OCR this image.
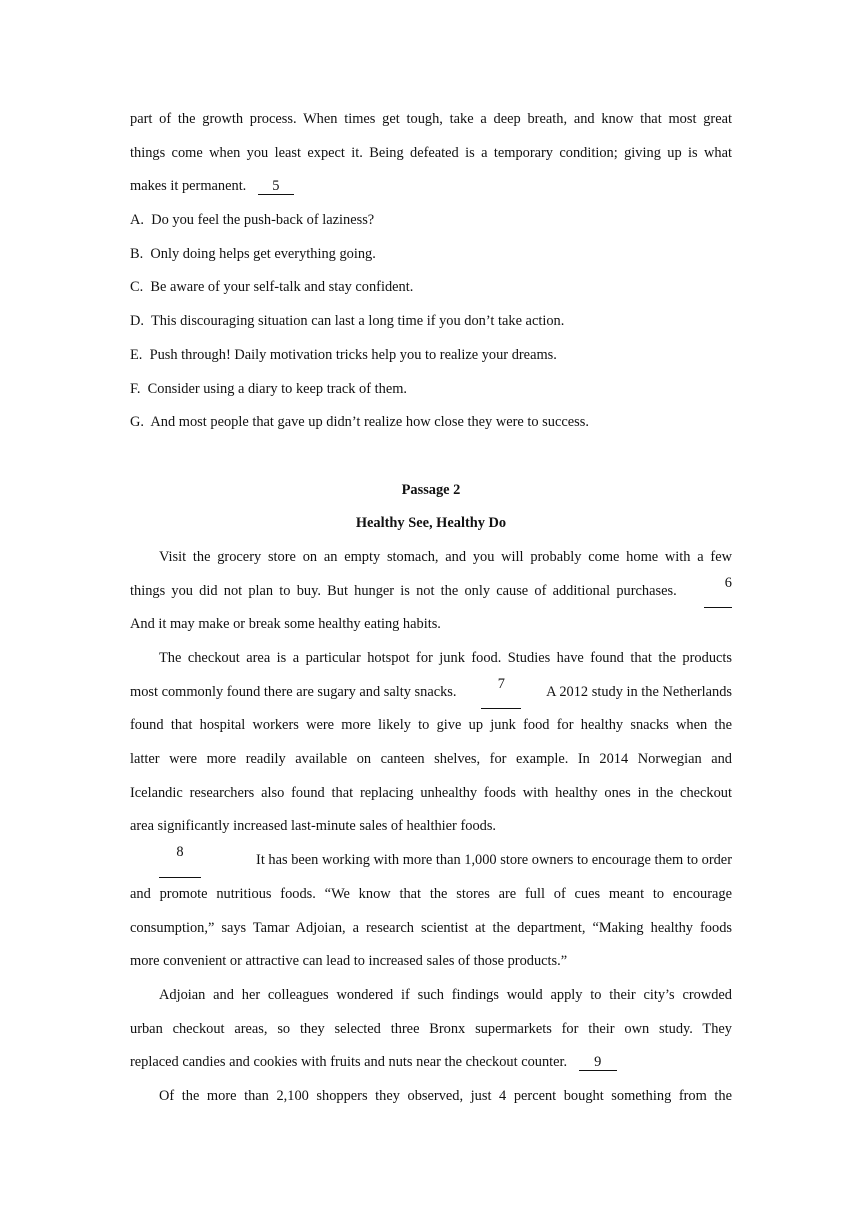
part of the growth process. When times get tough, take a deep breath, and know that most great
things come when you least expect it. Being defeated is a temporary condition; giving up is what
makes it permanent. 5
A. Do you feel the push-back of laziness?
B. Only doing helps get everything going.
C. Be aware of your self-talk and stay confident.
D. This discouraging situation can last a long time if you don’t take action.
E. Push through! Daily motivation tricks help you to realize your dreams.
F. Consider using a diary to keep track of them.
G. And most people that gave up didn’t realize how close they were to success.
Passage 2
Healthy See, Healthy Do
Visit the grocery store on an empty stomach, and you will probably come home with a few
things you did not plan to buy. But hunger is not the only cause of additional purchases.	6
And it may make or break some healthy eating habits.
The checkout area is a particular hotspot for junk food. Studies have found that the products
most commonly found there are sugary and salty snacks.	7	A 2012 study in the Netherlands
found that hospital workers were more likely to give up junk food for healthy snacks when the
latter were more readily available on canteen shelves, for example. In 2014 Norwegian and
Icelandic researchers also found that replacing unhealthy foods with healthy ones in the checkout
area significantly increased last-minute sales of healthier foods.
8	It has been working with more than 1,000 store owners to encourage them to order
and promote nutritious foods. “We know that the stores are full of cues meant to encourage
consumption,” says Tamar Adjoian, a research scientist at the department, “Making healthy foods
more convenient or attractive can lead to increased sales of those products.”
Adjoian and her colleagues wondered if such findings would apply to their city’s crowded
urban checkout areas, so they selected three Bronx supermarkets for their own study. They
replaced candies and cookies with fruits and nuts near the checkout counter. 9
Of the more than 2,100 shoppers they observed, just 4 percent bought something from the
